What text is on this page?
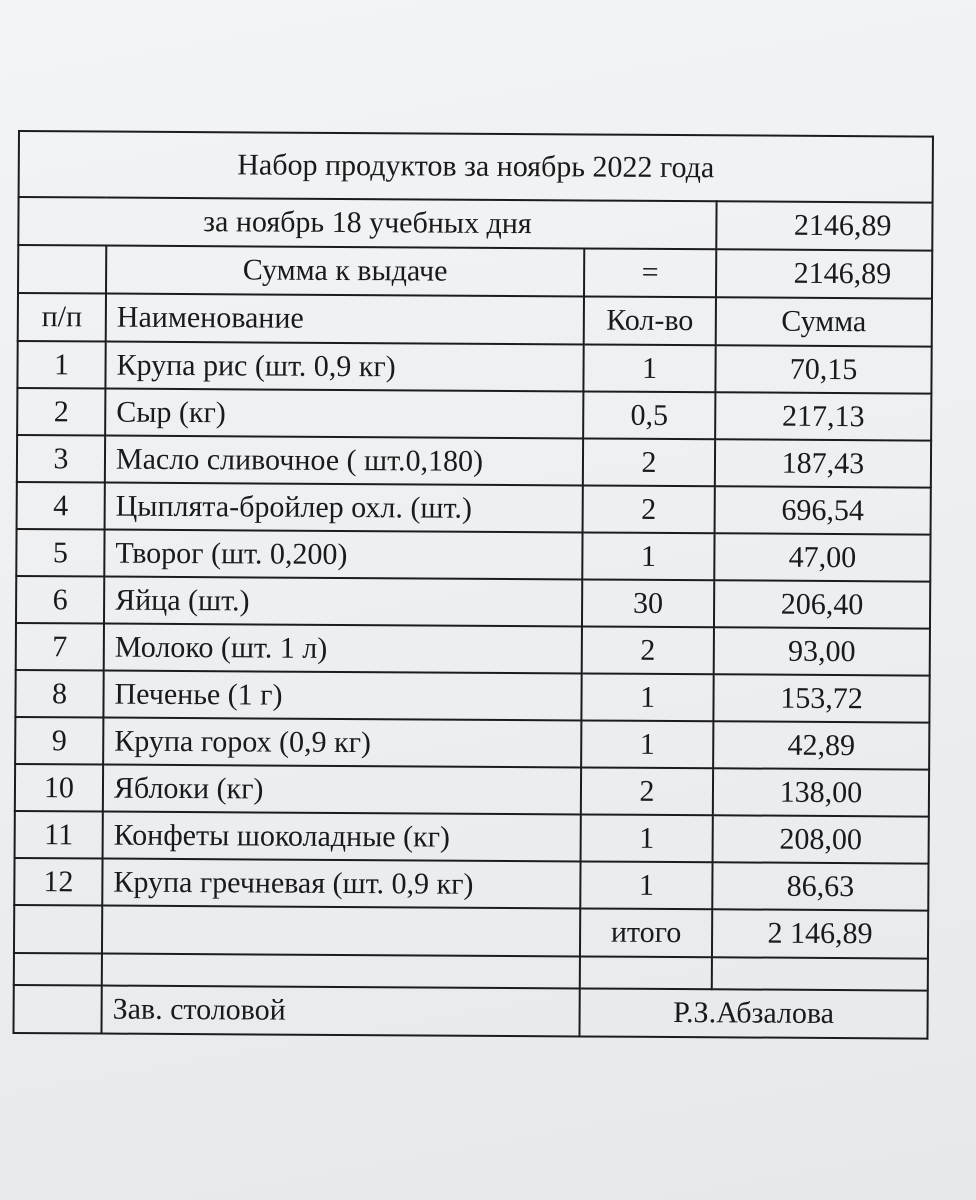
Набор продуктов за ноябрь 2022 года			
за ноябрь 18 учебных дня			2146,89
	Сумма к выдаче	=	2146,89
п/п	Наименование	Кол-во	Сумма
1	Крупа рис (шт. 0,9 кг)	1	70,15
2	Сыр (кг)	0,5	217,13
3	Масло сливочное ( шт.0,180)	2	187,43
4	Цыплята-бройлер охл. (шт.)	2	696,54
5	Творог (шт. 0,200)	1	47,00
6	Яйца (шт.)	30	206,40
7	Молоко (шт. 1 л)	2	93,00
8	Печенье (1 г)	1	153,72
9	Крупа горох (0,9 кг)	1	42,89
10	Яблоки (кг)	2	138,00
11	Конфеты шоколадные (кг)	1	208,00
12	Крупа гречневая (шт. 0,9 кг)	1	86,63
		итого	2 146,89

	Зав. столовой	Р.З.Абзалова	
